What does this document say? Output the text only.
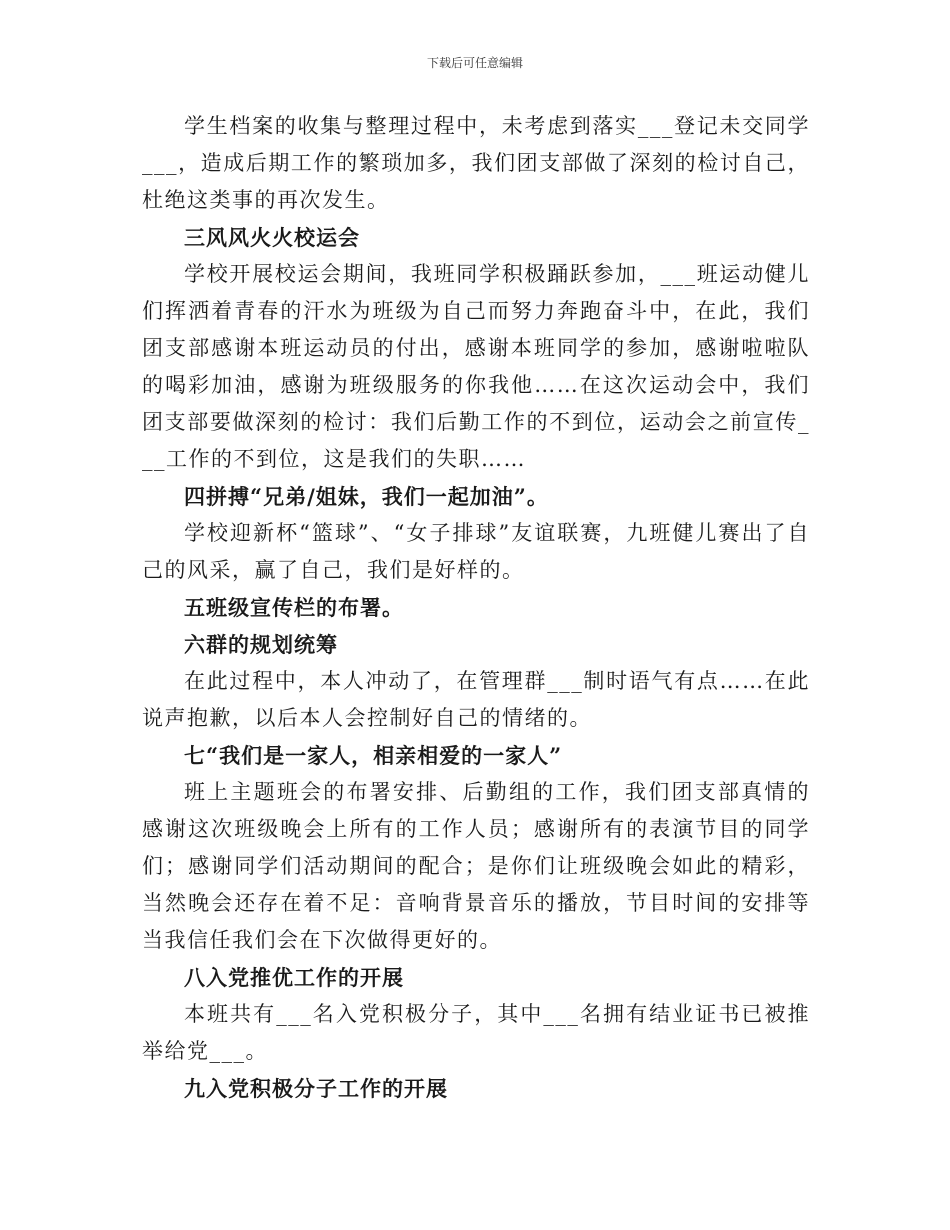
下载后可任意编辑

学生档案的收集与整理过程中，未考虑到落实___登记未交同学___，造成后期工作的繁琐加多，我们团支部做了深刻的检讨自己，杜绝这类事的再次发生。

三风风火火校运会

学校开展校运会期间，我班同学积极踊跃参加，___班运动健儿们挥洒着青春的汗水为班级为自己而努力奔跑奋斗中，在此，我们团支部感谢本班运动员的付出，感谢本班同学的参加，感谢啦啦队的喝彩加油，感谢为班级服务的你我他……在这次运动会中，我们团支部要做深刻的检讨：我们后勤工作的不到位，运动会之前宣传___工作的不到位，这是我们的失职……

四拼搏“兄弟/姐妹，我们一起加油”。

学校迎新杯“篮球”、“女子排球”友谊联赛，九班健儿赛出了自己的风采，赢了自己，我们是好样的。

五班级宣传栏的布署。

六群的规划统筹

在此过程中，本人冲动了，在管理群___制时语气有点……在此说声抱歉，以后本人会控制好自己的情绪的。

七“我们是一家人，相亲相爱的一家人”

班上主题班会的布署安排、后勤组的工作，我们团支部真情的感谢这次班级晚会上所有的工作人员；感谢所有的表演节目的同学们；感谢同学们活动期间的配合；是你们让班级晚会如此的精彩，当然晚会还存在着不足：音响背景音乐的播放，节目时间的安排等当我信任我们会在下次做得更好的。

八入党推优工作的开展

本班共有___名入党积极分子，其中___名拥有结业证书已被推举给党___。

九入党积极分子工作的开展
